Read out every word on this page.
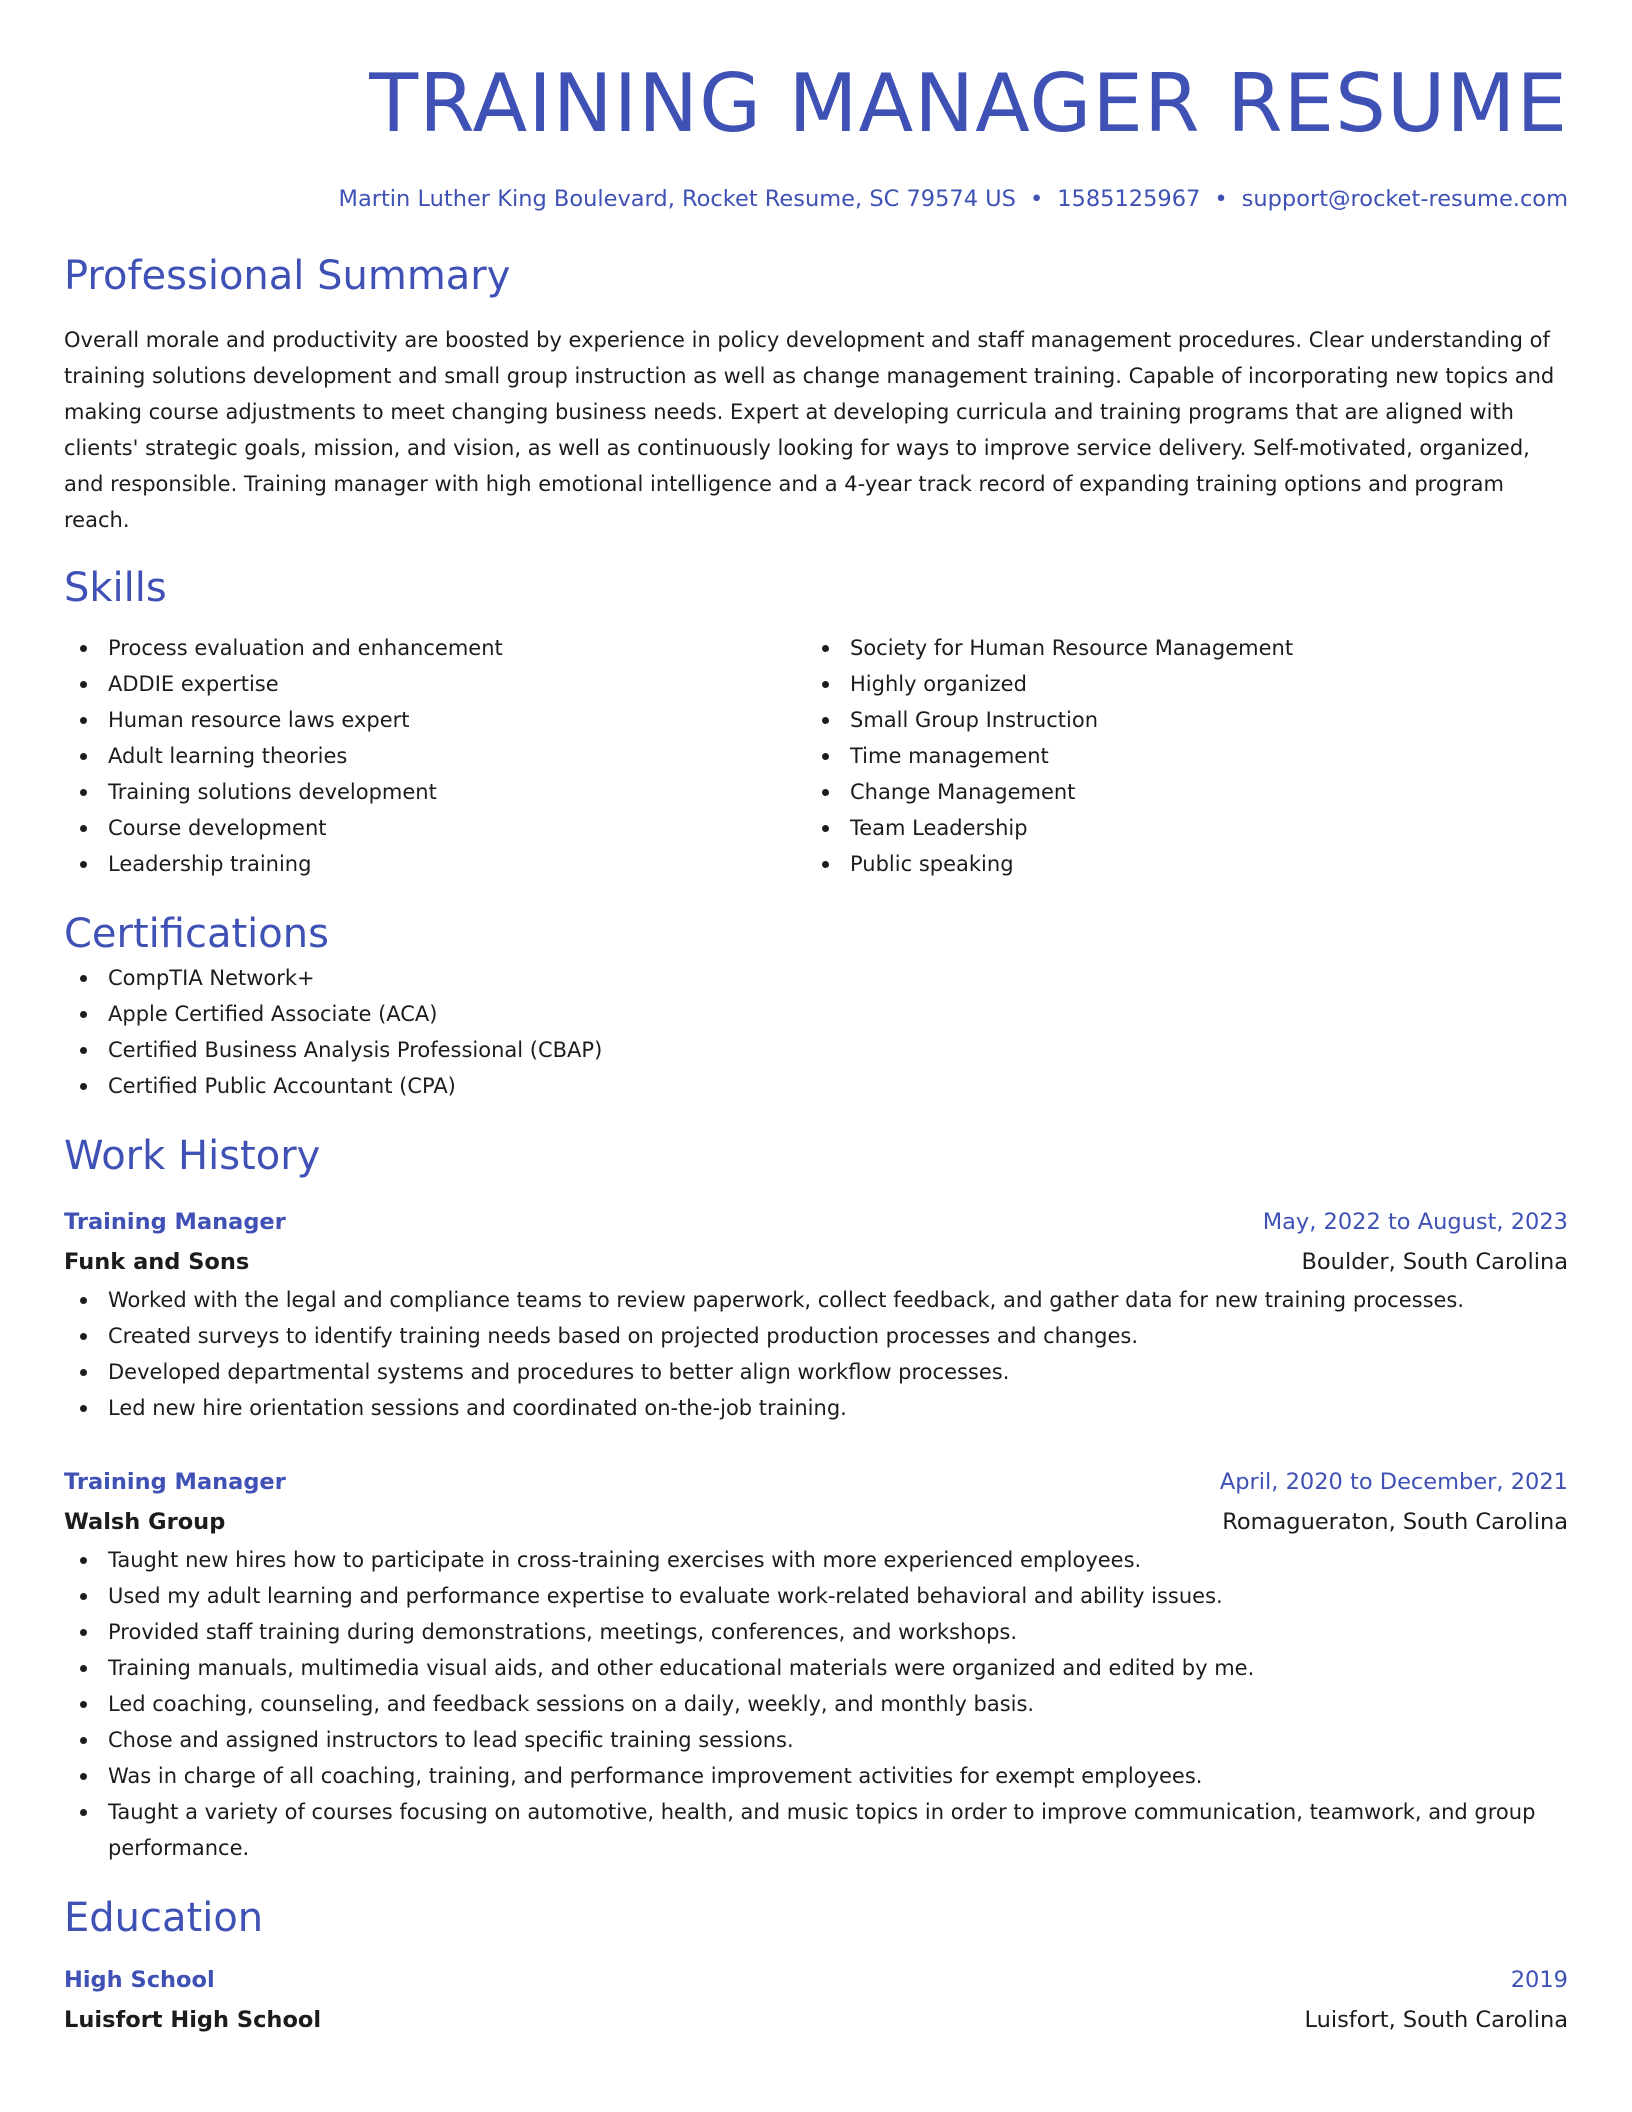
TRAINING MANAGER RESUME
Martin Luther King Boulevard, Rocket Resume, SC 79574 US • 1585125967 • support@rocket-resume.com
Professional Summary
Overall morale and productivity are boosted by experience in policy development and staff management procedures. Clear understanding of training solutions development and small group instruction as well as change management training. Capable of incorporating new topics and making course adjustments to meet changing business needs. Expert at developing curricula and training programs that are aligned with clients' strategic goals, mission, and vision, as well as continuously looking for ways to improve service delivery. Self-motivated, organized, and responsible. Training manager with high emotional intelligence and a 4-year track record of expanding training options and program reach.
Skills
Process evaluation and enhancement
ADDIE expertise
Human resource laws expert
Adult learning theories
Training solutions development
Course development
Leadership training
Society for Human Resource Management
Highly organized
Small Group Instruction
Time management
Change Management
Team Leadership
Public speaking
Certifications
CompTIA Network+
Apple Certified Associate (ACA)
Certified Business Analysis Professional (CBAP)
Certified Public Accountant (CPA)
Work History
Training Manager	May, 2022 to August, 2023
Funk and Sons	Boulder, South Carolina
Worked with the legal and compliance teams to review paperwork, collect feedback, and gather data for new training processes.
Created surveys to identify training needs based on projected production processes and changes.
Developed departmental systems and procedures to better align workflow processes.
Led new hire orientation sessions and coordinated on-the-job training.
Training Manager	April, 2020 to December, 2021
Walsh Group	Romagueraton, South Carolina
Taught new hires how to participate in cross-training exercises with more experienced employees.
Used my adult learning and performance expertise to evaluate work-related behavioral and ability issues.
Provided staff training during demonstrations, meetings, conferences, and workshops.
Training manuals, multimedia visual aids, and other educational materials were organized and edited by me.
Led coaching, counseling, and feedback sessions on a daily, weekly, and monthly basis.
Chose and assigned instructors to lead specific training sessions.
Was in charge of all coaching, training, and performance improvement activities for exempt employees.
Taught a variety of courses focusing on automotive, health, and music topics in order to improve communication, teamwork, and group performance.
Education
High School	2019
Luisfort High School	Luisfort, South Carolina
